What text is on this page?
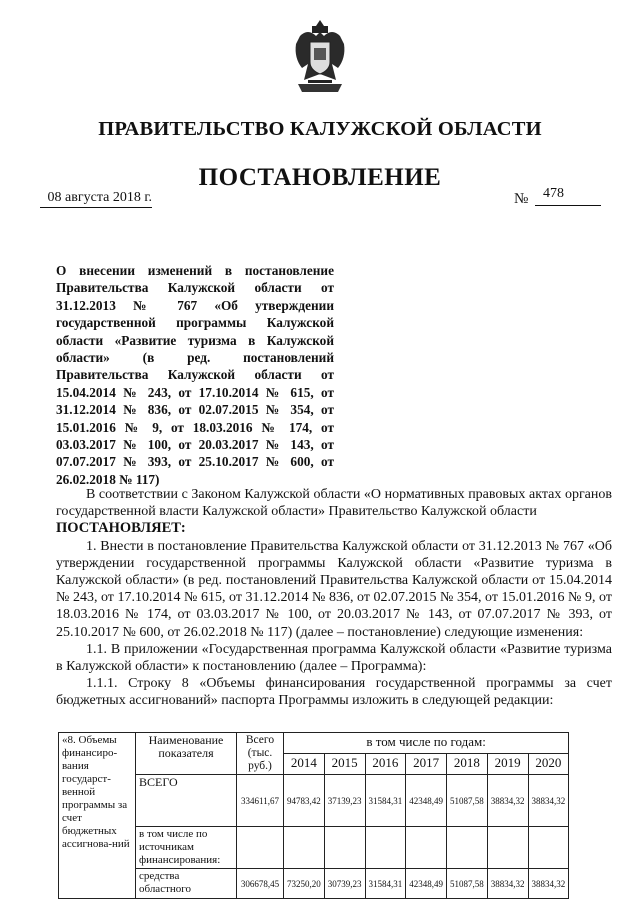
ПРАВИТЕЛЬСТВО КАЛУЖСКОЙ ОБЛАСТИ
ПОСТАНОВЛЕНИЕ
08 августа 2018 г.	№	478

О внесении изменений в постановление Правительства Калужской области от 31.12.2013 № 767 «Об утверждении государственной программы Калужской области «Развитие туризма в Калужской области» (в ред. постановлений Правительства Калужской области от 15.04.2014 № 243, от 17.10.2014 № 615, от 31.12.2014 № 836, от 02.07.2015 № 354, от 15.01.2016 № 9, от 18.03.2016 № 174, от 03.03.2017 № 100, от 20.03.2017 № 143, от 07.07.2017 № 393, от 25.10.2017 № 600, от 26.02.2018 № 117)

В соответствии с Законом Калужской области «О нормативных правовых актах органов государственной власти Калужской области» Правительство Калужской области

ПОСТАНОВЛЯЕТ:

1. Внести в постановление Правительства Калужской области от 31.12.2013 № 767 «Об утверждении государственной программы Калужской области «Развитие туризма в Калужской области» (в ред. постановлений Правительства Калужской области от 15.04.2014 № 243, от 17.10.2014 № 615, от 31.12.2014 № 836, от 02.07.2015 № 354, от 15.01.2016 № 9, от 18.03.2016 № 174, от 03.03.2017 № 100, от 20.03.2017 № 143, от 07.07.2017 № 393, от 25.10.2017 № 600, от 26.02.2018 № 117) (далее – постановление) следующие изменения:

1.1. В приложении «Государственная программа Калужской области «Развитие туризма в Калужской области» к постановлению (далее – Программа):

1.1.1. Строку 8 «Объемы финансирования государственной программы за счет бюджетных ассигнований» паспорта Программы изложить в следующей редакции:

«8. Объемы финансиро-вания государст-венной программы за счет бюджетных ассигнова-ний	Наименование показателя	Всего (тыс. руб.)	в том числе по годам:						
			2014	2015	2016	2017	2018	2019	2020
	ВСЕГО	334611,67	94783,42	37139,23	31584,31	42348,49	51087,58	38834,32	38834,32
	в том числе по источникам финансирования:								
	средства областного	306678,45	73250,20	30739,23	31584,31	42348,49	51087,58	38834,32	38834,32
